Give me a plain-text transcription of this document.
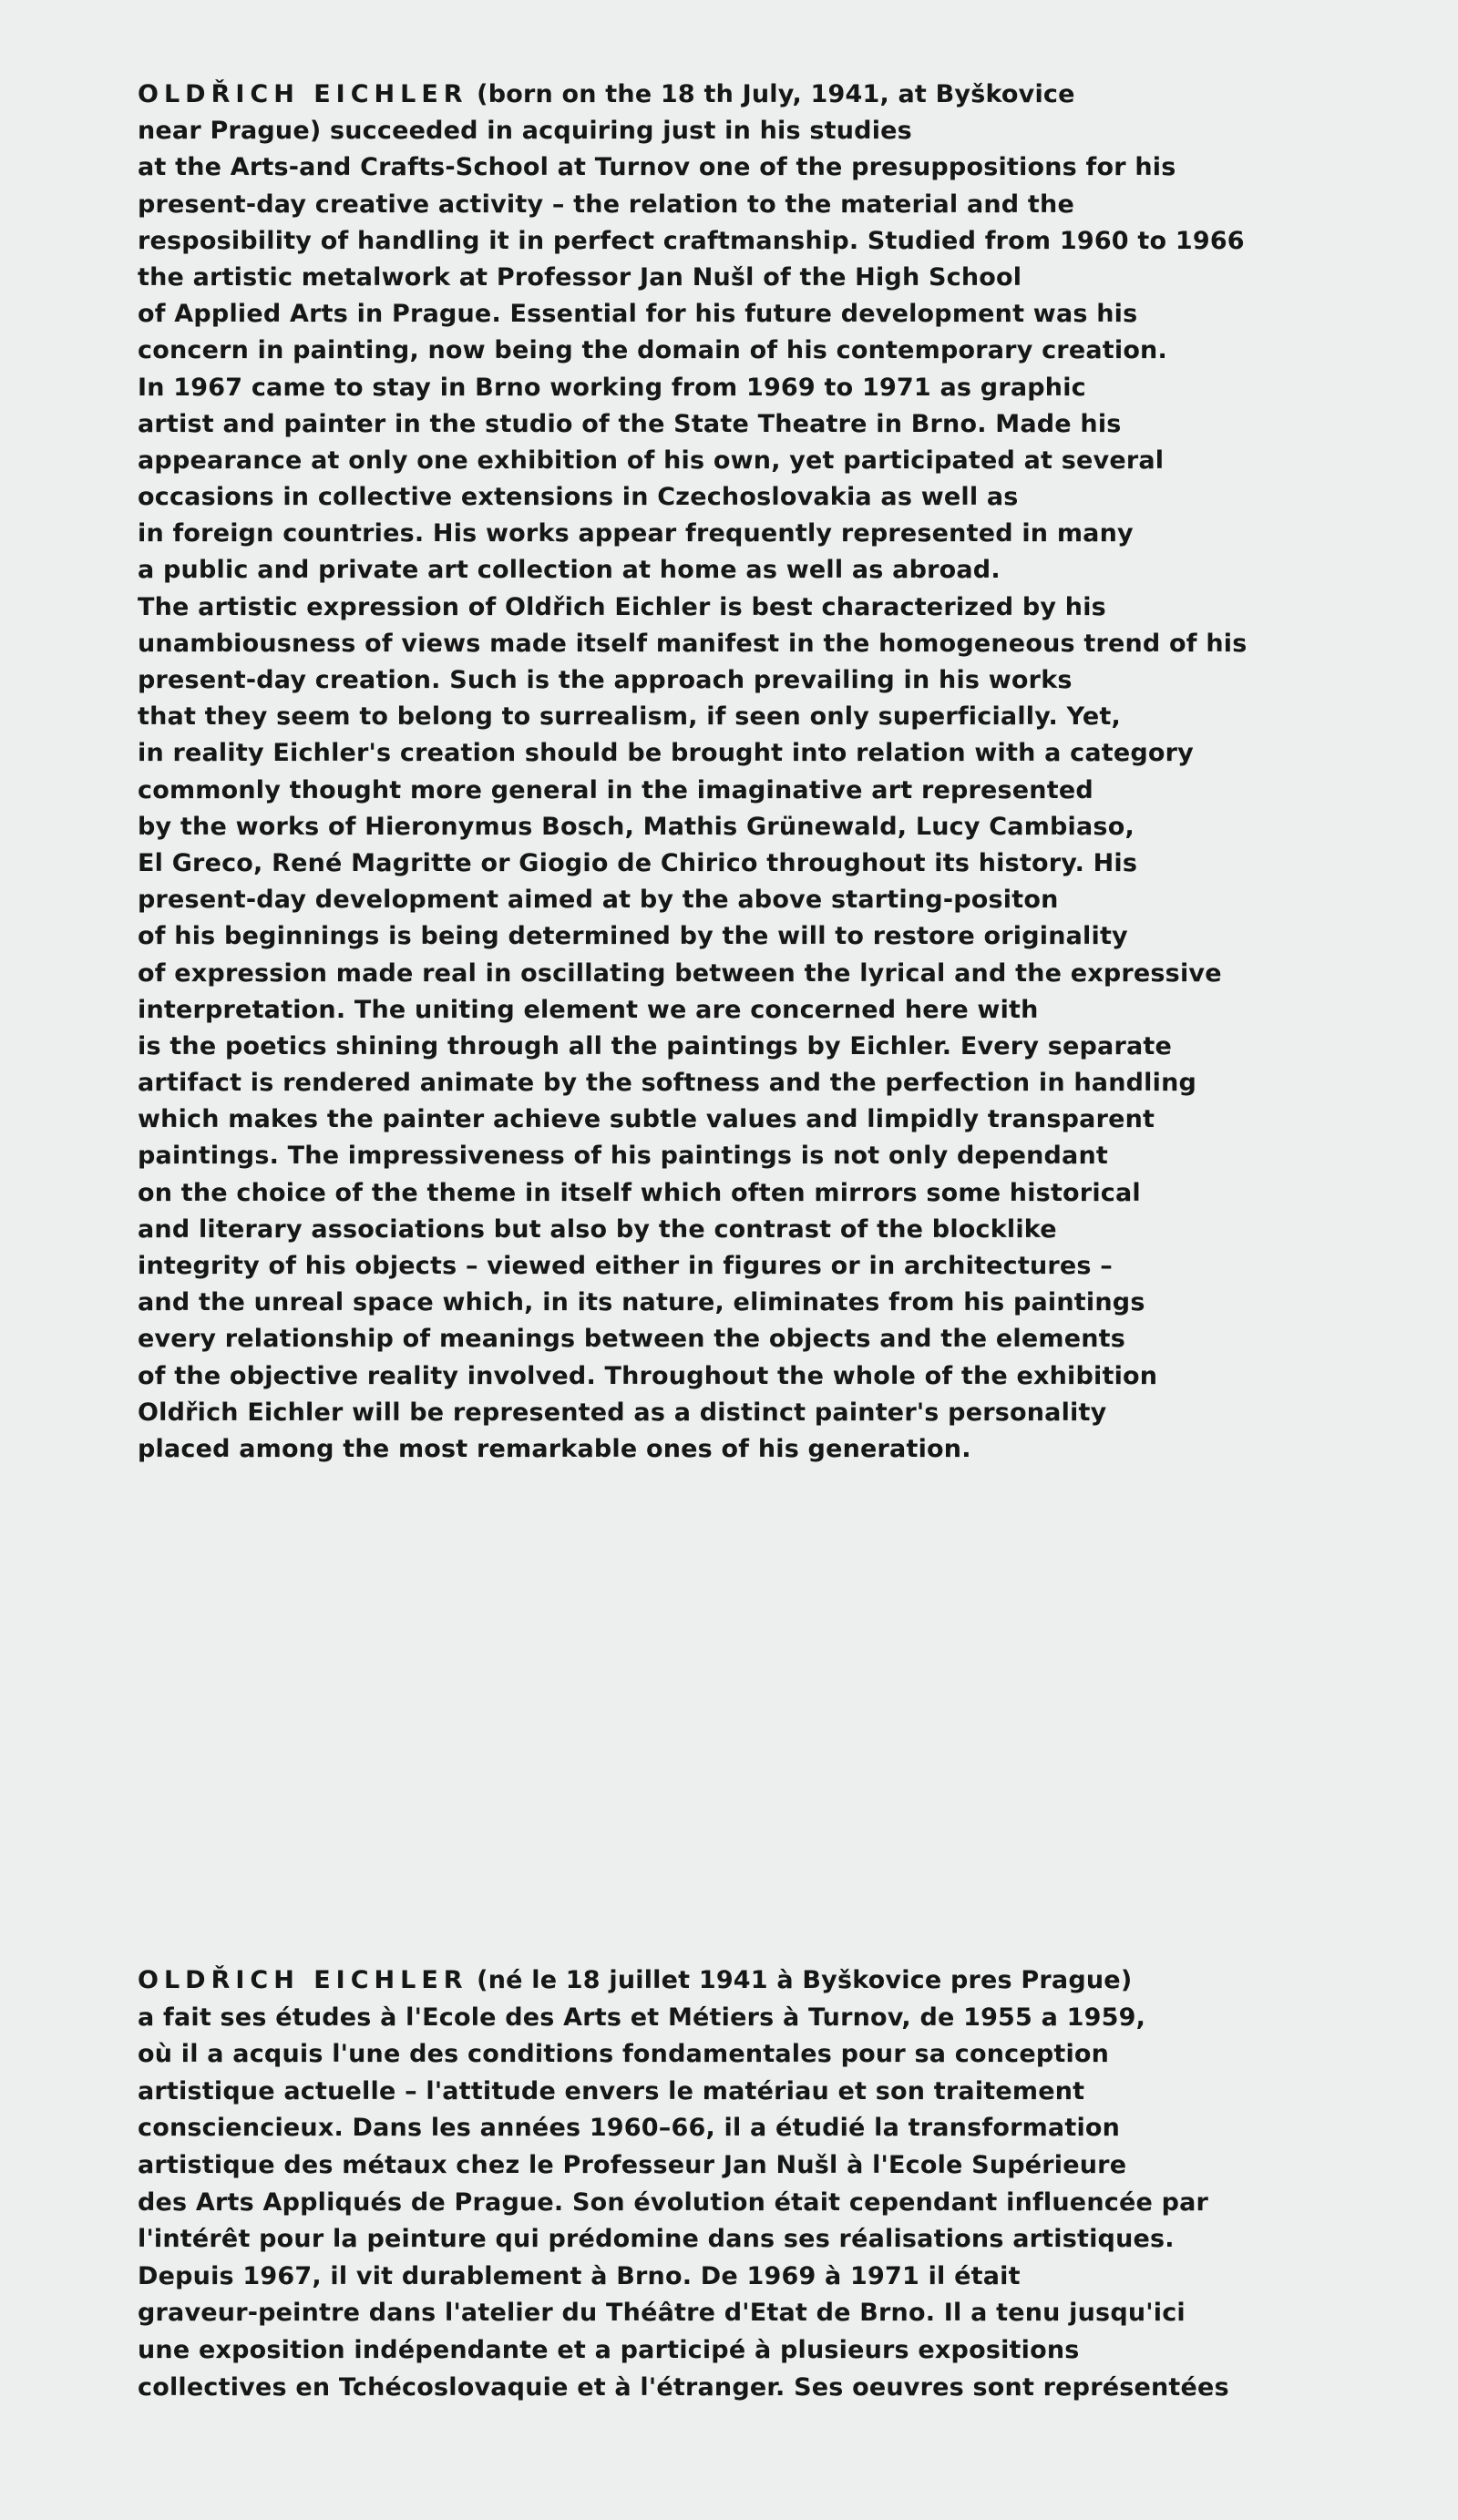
OLDŘICH EICHLER (born on the 18 th July, 1941, at Byškovice
near Prague) succeeded in acquiring just in his studies
at the Arts-and Crafts-School at Turnov one of the presuppositions for his
present-day creative activity – the relation to the material and the
resposibility of handling it in perfect craftmanship. Studied from 1960 to 1966
the artistic metalwork at Professor Jan Nušl of the High School
of Applied Arts in Prague. Essential for his future development was his
concern in painting, now being the domain of his contemporary creation.
In 1967 came to stay in Brno working from 1969 to 1971 as graphic
artist and painter in the studio of the State Theatre in Brno. Made his
appearance at only one exhibition of his own, yet participated at several
occasions in collective extensions in Czechoslovakia as well as
in foreign countries. His works appear frequently represented in many
a public and private art collection at home as well as abroad.
The artistic expression of Oldřich Eichler is best characterized by his
unambiousness of views made itself manifest in the homogeneous trend of his
present-day creation. Such is the approach prevailing in his works
that they seem to belong to surrealism, if seen only superficially. Yet,
in reality Eichler's creation should be brought into relation with a category
commonly thought more general in the imaginative art represented
by the works of Hieronymus Bosch, Mathis Grünewald, Lucy Cambiaso,
El Greco, René Magritte or Giogio de Chirico throughout its history. His
present-day development aimed at by the above starting-positon
of his beginnings is being determined by the will to restore originality
of expression made real in oscillating between the lyrical and the expressive
interpretation. The uniting element we are concerned here with
is the poetics shining through all the paintings by Eichler. Every separate
artifact is rendered animate by the softness and the perfection in handling
which makes the painter achieve subtle values and limpidly transparent
paintings. The impressiveness of his paintings is not only dependant
on the choice of the theme in itself which often mirrors some historical
and literary associations but also by the contrast of the blocklike
integrity of his objects – viewed either in figures or in architectures –
and the unreal space which, in its nature, eliminates from his paintings
every relationship of meanings between the objects and the elements
of the objective reality involved. Throughout the whole of the exhibition
Oldřich Eichler will be represented as a distinct painter's personality
placed among the most remarkable ones of his generation.
OLDŘICH EICHLER (né le 18 juillet 1941 à Byškovice pres Prague)
a fait ses études à l'Ecole des Arts et Métiers à Turnov, de 1955 a 1959,
où il a acquis l'une des conditions fondamentales pour sa conception
artistique actuelle – l'attitude envers le matériau et son traitement
consciencieux. Dans les années 1960–66, il a étudié la transformation
artistique des métaux chez le Professeur Jan Nušl à l'Ecole Supérieure
des Arts Appliqués de Prague. Son évolution était cependant influencée par
l'intérêt pour la peinture qui prédomine dans ses réalisations artistiques.
Depuis 1967, il vit durablement à Brno. De 1969 à 1971 il était
graveur-peintre dans l'atelier du Théâtre d'Etat de Brno. Il a tenu jusqu'ici
une exposition indépendante et a participé à plusieurs expositions
collectives en Tchécoslovaquie et à l'étranger. Ses oeuvres sont représentées
